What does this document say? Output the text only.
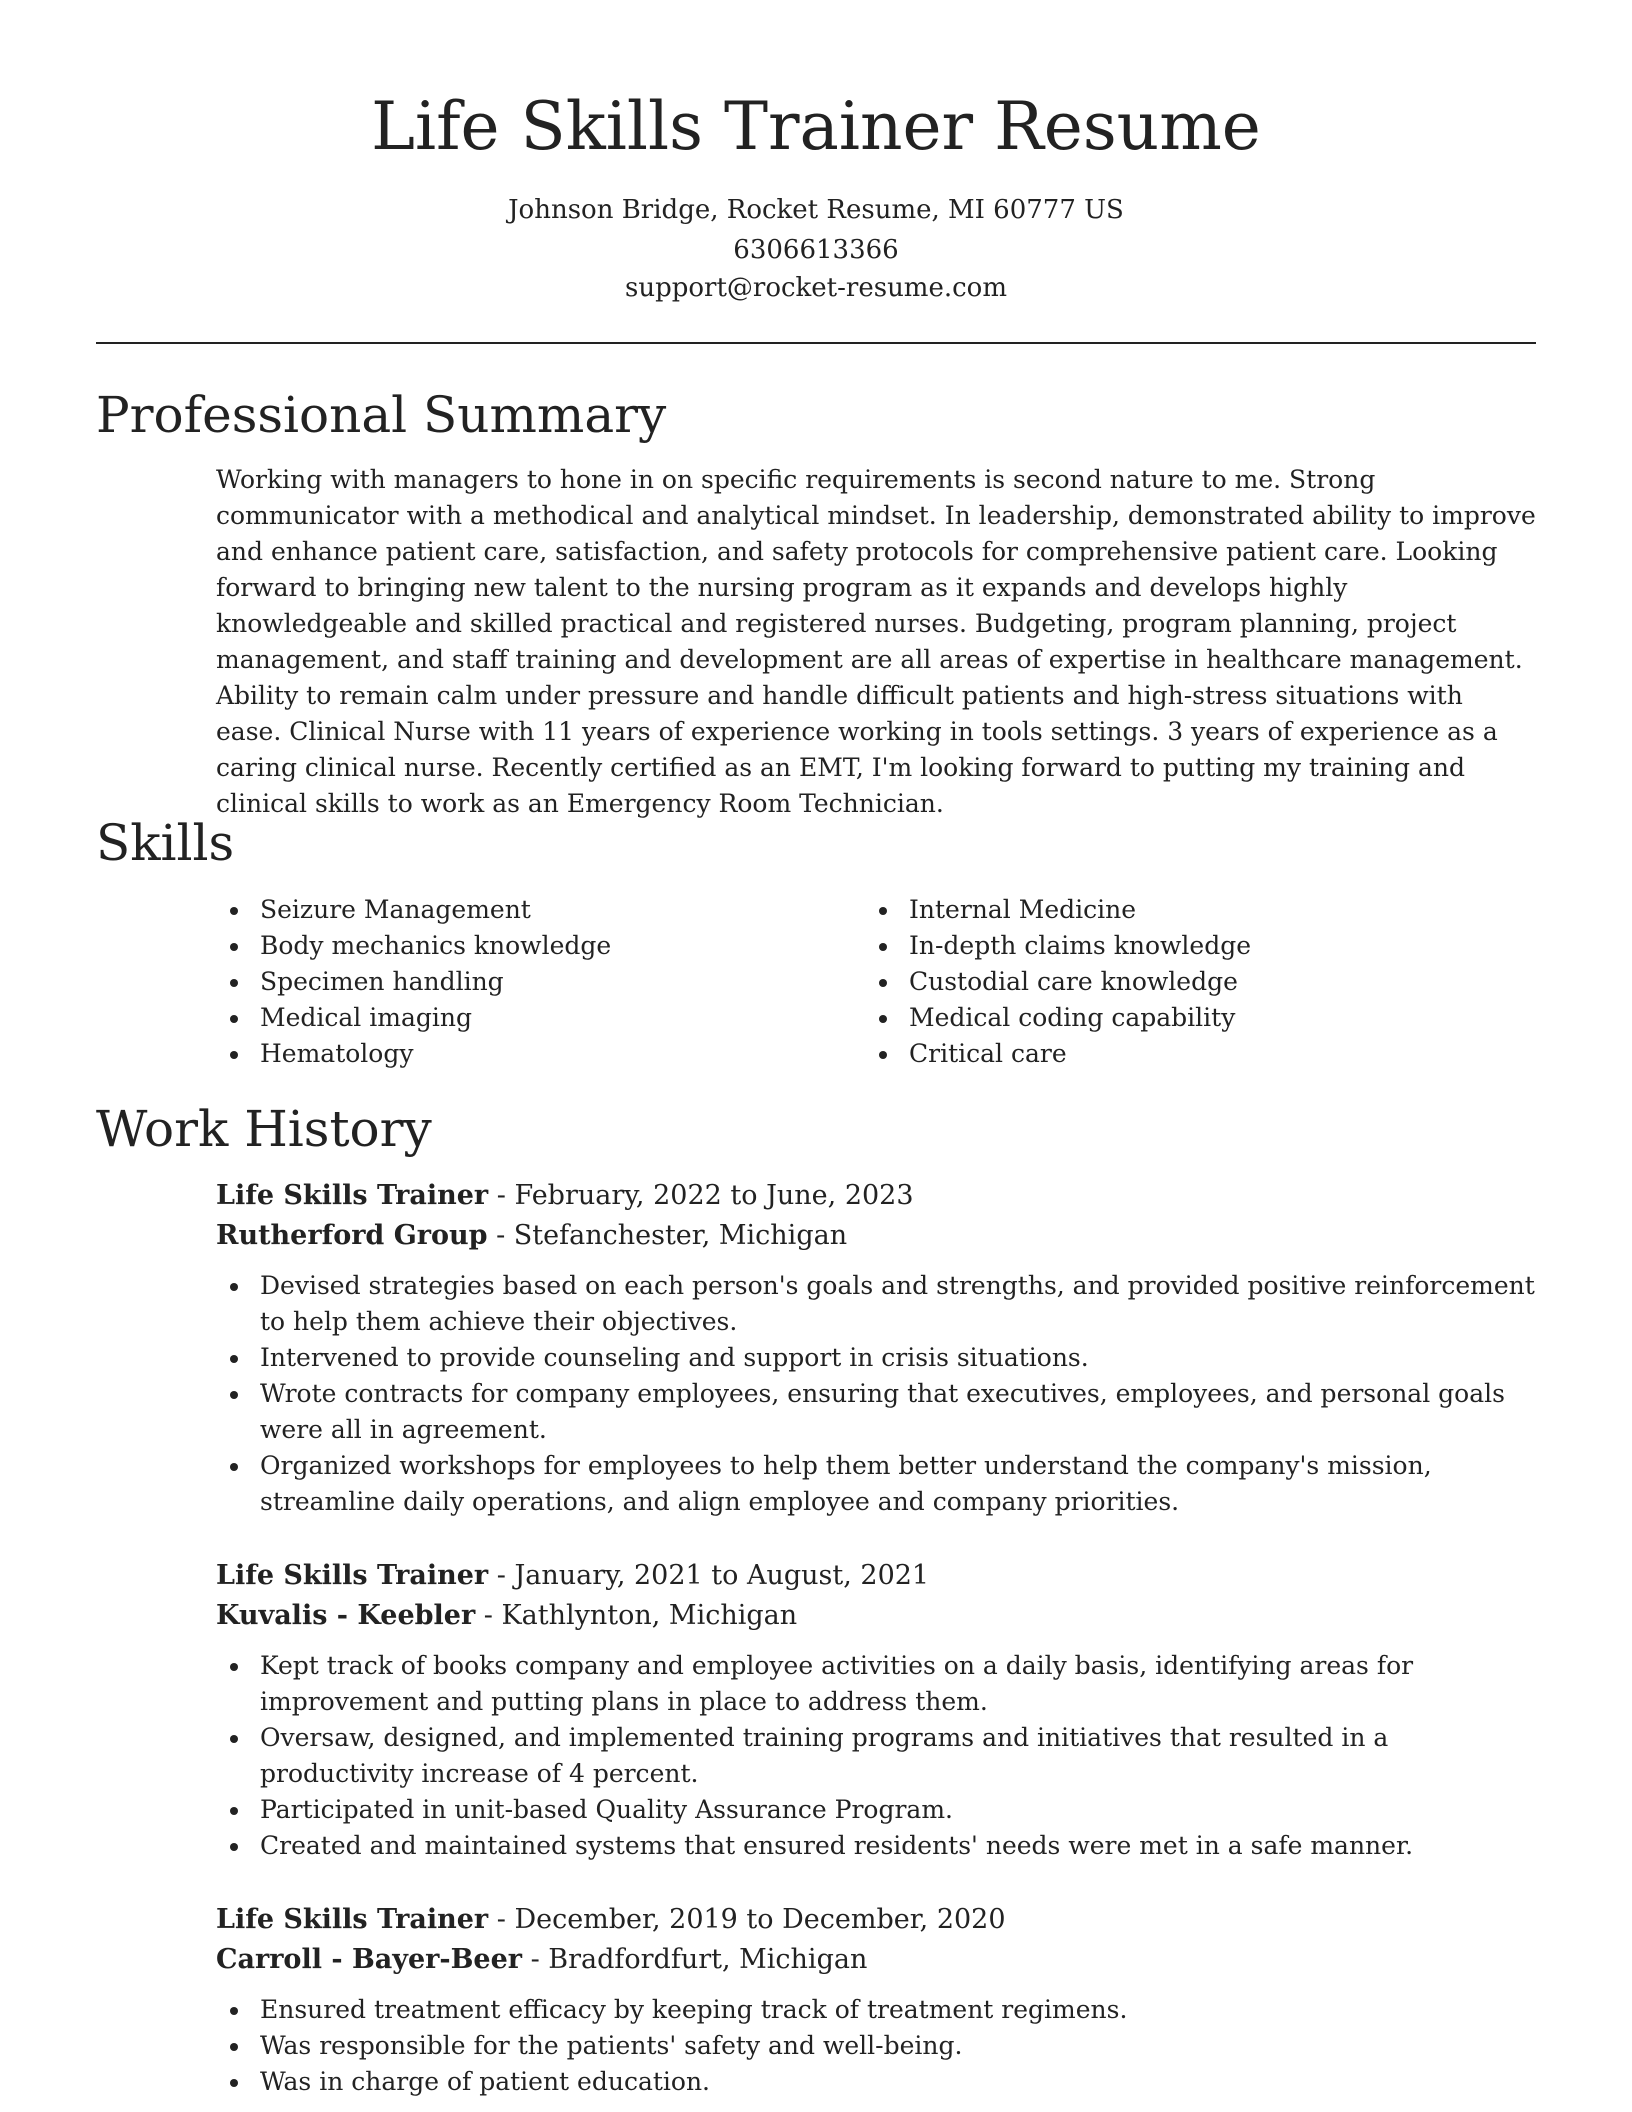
Life Skills Trainer Resume
Johnson Bridge, Rocket Resume, MI 60777 US
6306613366
support@rocket-resume.com
Professional Summary

Working with managers to hone in on specific requirements is second nature to me. Strong communicator with a methodical and analytical mindset. In leadership, demonstrated ability to improve and enhance patient care, satisfaction, and safety protocols for comprehensive patient care. Looking forward to bringing new talent to the nursing program as it expands and develops highly knowledgeable and skilled practical and registered nurses. Budgeting, program planning, project management, and staff training and development are all areas of expertise in healthcare management. Ability to remain calm under pressure and handle difficult patients and high-stress situations with ease. Clinical Nurse with 11 years of experience working in tools settings. 3 years of experience as a caring clinical nurse. Recently certified as an EMT, I'm looking forward to putting my training and clinical skills to work as an Emergency Room Technician.

Skills
Seizure Management
Body mechanics knowledge
Specimen handling
Medical imaging
Hematology
Internal Medicine
In-depth claims knowledge
Custodial care knowledge
Medical coding capability
Critical care
Work History
Life Skills Trainer - February, 2022 to June, 2023
Rutherford Group - Stefanchester, Michigan
Devised strategies based on each person's goals and strengths, and provided positive reinforcement to help them achieve their objectives.
Intervened to provide counseling and support in crisis situations.
Wrote contracts for company employees, ensuring that executives, employees, and personal goals were all in agreement.
Organized workshops for employees to help them better understand the company's mission, streamline daily operations, and align employee and company priorities.
Life Skills Trainer - January, 2021 to August, 2021
Kuvalis - Keebler - Kathlynton, Michigan
Kept track of books company and employee activities on a daily basis, identifying areas for improvement and putting plans in place to address them.
Oversaw, designed, and implemented training programs and initiatives that resulted in a productivity increase of 4 percent.
Participated in unit-based Quality Assurance Program.
Created and maintained systems that ensured residents' needs were met in a safe manner.
Life Skills Trainer - December, 2019 to December, 2020
Carroll - Bayer-Beer - Bradfordfurt, Michigan
Ensured treatment efficacy by keeping track of treatment regimens.
Was responsible for the patients' safety and well-being.
Was in charge of patient education.
